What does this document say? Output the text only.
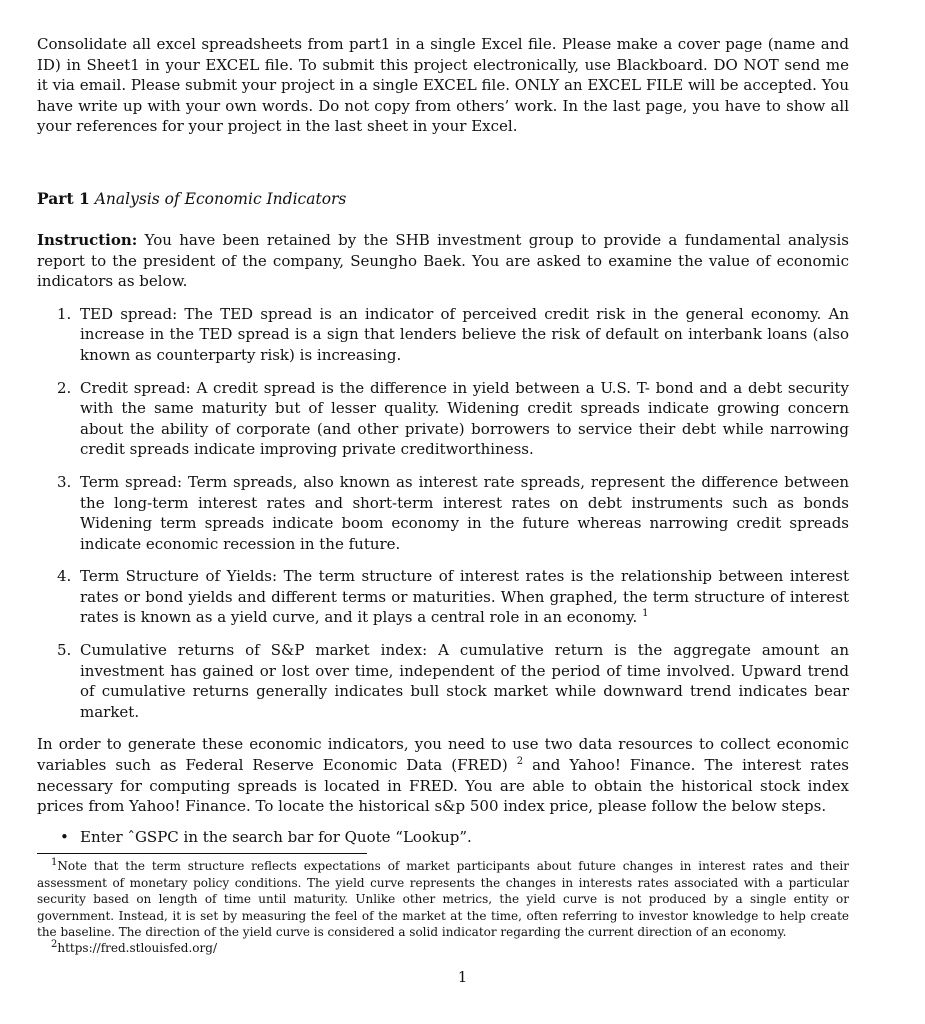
Consolidate all excel spreadsheets from part1 in a single Excel file. Please make a cover page (name and ID) in Sheet1 in your EXCEL file. To submit this project electronically, use Blackboard. DO NOT send me it via email. Please submit your project in a single EXCEL file. ONLY an EXCEL FILE will be accepted. You have write up with your own words. Do not copy from others’ work. In the last page, you have to show all your references for your project in the last sheet in your Excel.

Part 1 Analysis of Economic Indicators

Instruction: You have been retained by the SHB investment group to provide a fundamental analysis report to the president of the company, Seungho Baek. You are asked to examine the value of economic indicators as below.

1. TED spread: The TED spread is an indicator of perceived credit risk in the general economy. An increase in the TED spread is a sign that lenders believe the risk of default on interbank loans (also known as counterparty risk) is increasing.
2. Credit spread: A credit spread is the difference in yield between a U.S. T- bond and a debt security with the same maturity but of lesser quality. Widening credit spreads indicate growing concern about the ability of corporate (and other private) borrowers to service their debt while narrowing credit spreads indicate improving private creditworthiness.
3. Term spread: Term spreads, also known as interest rate spreads, represent the difference between the long-term interest rates and short-term interest rates on debt instruments such as bonds Widening term spreads indicate boom economy in the future whereas narrowing credit spreads indicate economic recession in the future.
4. Term Structure of Yields: The term structure of interest rates is the relationship between interest rates or bond yields and different terms or maturities. When graphed, the term structure of interest rates is known as a yield curve, and it plays a central role in an economy. $^1$
5. Cumulative returns of S&P market index: A cumulative return is the aggregate amount an investment has gained or lost over time, independent of the period of time involved. Upward trend of cumulative returns generally indicates bull stock market while downward trend indicates bear market.

In order to generate these economic indicators, you need to use two data resources to collect economic variables such as Federal Reserve Economic Data (FRED) $^2$ and Yahoo! Finance. The interest rates necessary for computing spreads is located in FRED. You are able to obtain the historical stock index prices from Yahoo! Finance. To locate the historical s&p 500 index price, please follow the below steps.

• Enter ˆGSPC in the search bar for Quote “Lookup”.

$^1$Note that the term structure reflects expectations of market participants about future changes in interest rates and their assessment of monetary policy conditions. The yield curve represents the changes in interests rates associated with a particular security based on length of time until maturity. Unlike other metrics, the yield curve is not produced by a single entity or government. Instead, it is set by measuring the feel of the market at the time, often referring to investor knowledge to help create the baseline. The direction of the yield curve is considered a solid indicator regarding the current direction of an economy.

$^2$https://fred.stlouisfed.org/

1
